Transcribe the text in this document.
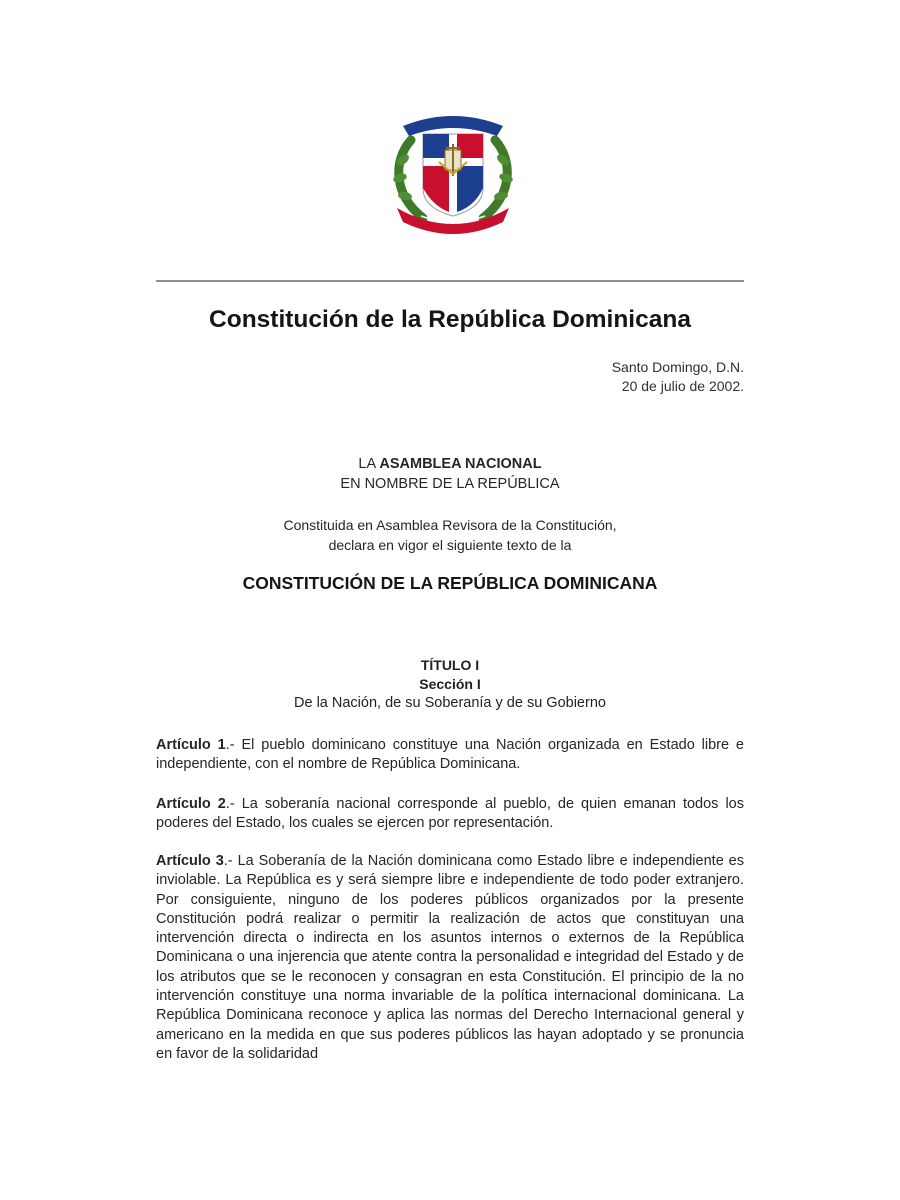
Constitución de la República Dominicana
Santo Domingo, D.N.
20 de julio de 2002.
LA ASAMBLEA NACIONAL
EN NOMBRE DE LA REPÚBLICA
Constituida en Asamblea Revisora de la Constitución,
declara en vigor el siguiente texto de la
CONSTITUCIÓN DE LA REPÚBLICA DOMINICANA
TÍTULO I
Sección I
De la Nación, de su Soberanía y de su Gobierno

Artículo 1.- El pueblo dominicano constituye una Nación organizada en Estado libre e independiente, con el nombre de República Dominicana.

Artículo 2.- La soberanía nacional corresponde al pueblo, de quien emanan todos los poderes del Estado, los cuales se ejercen por representación.

Artículo 3.- La Soberanía de la Nación dominicana como Estado libre e independiente es inviolable. La República es y será siempre libre e independiente de todo poder extranjero. Por consiguiente, ninguno de los poderes públicos organizados por la presente Constitución podrá realizar o permitir la realización de actos que constituyan una intervención directa o indirecta en los asuntos internos o externos de la República Dominicana o una injerencia que atente contra la personalidad e integridad del Estado y de los atributos que se le reconocen y consagran en esta Constitución. El principio de la no intervención constituye una norma invariable de la política internacional dominicana. La República Dominicana reconoce y aplica las normas del Derecho Internacional general y americano en la medida en que sus poderes públicos las hayan adoptado y se pronuncia en favor de la solidaridad
